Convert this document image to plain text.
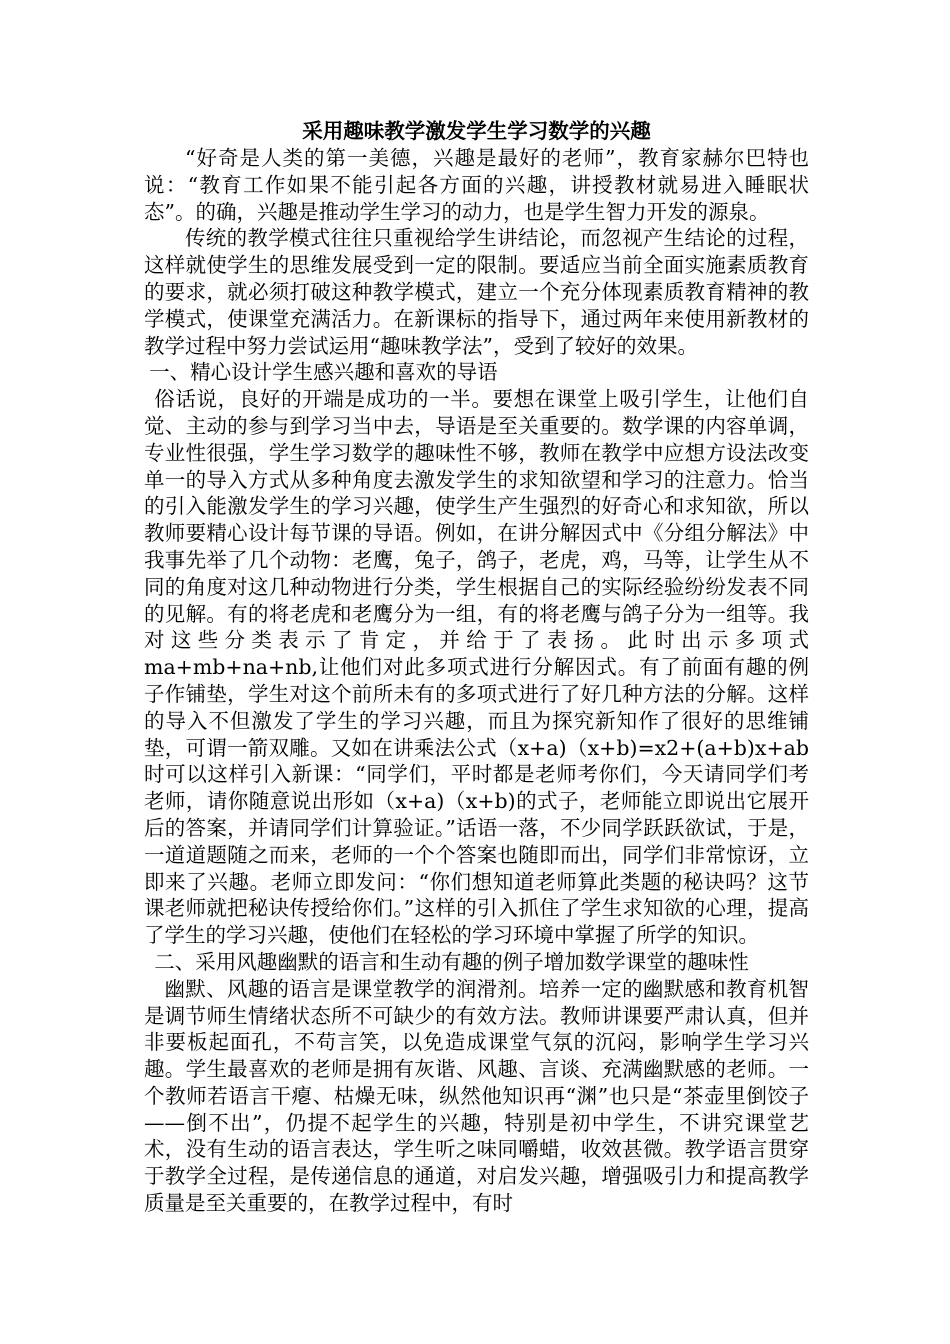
采用趣味教学激发学生学习数学的兴趣

“好奇是人类的第一美德，兴趣是最好的老师”，教育家赫尔巴特也说：“教育工作如果不能引起各方面的兴趣，讲授教材就易进入睡眠状态”。的确，兴趣是推动学生学习的动力，也是学生智力开发的源泉。

传统的教学模式往往只重视给学生讲结论，而忽视产生结论的过程，这样就使学生的思维发展受到一定的限制。要适应当前全面实施素质教育的要求，就必须打破这种教学模式，建立一个充分体现素质教育精神的教学模式，使课堂充满活力。在新课标的指导下，通过两年来使用新教材的教学过程中努力尝试运用“趣味教学法”，受到了较好的效果。

一、精心设计学生感兴趣和喜欢的导语

俗话说，良好的开端是成功的一半。要想在课堂上吸引学生，让他们自觉、主动的参与到学习当中去，导语是至关重要的。数学课的内容单调，专业性很强，学生学习数学的趣味性不够，教师在教学中应想方设法改变单一的导入方式从多种角度去激发学生的求知欲望和学习的注意力。恰当的引入能激发学生的学习兴趣，使学生产生强烈的好奇心和求知欲，所以教师要精心设计每节课的导语。例如，在讲分解因式中《分组分解法》中我事先举了几个动物：老鹰，兔子，鸽子，老虎，鸡，马等，让学生从不同的角度对这几种动物进行分类，学生根据自己的实际经验纷纷发表不同的见解。有的将老虎和老鹰分为一组，有的将老鹰与鸽子分为一组等。我对这些分类表示了肯定，并给于了表扬。此时出示多项式 ma+mb+na+nb,让他们对此多项式进行分解因式。有了前面有趣的例子作铺垫，学生对这个前所未有的多项式进行了好几种方法的分解。这样的导入不但激发了学生的学习兴趣，而且为探究新知作了很好的思维铺垫，可谓一箭双雕。又如在讲乘法公式（x+a)（x+b)=x2+(a+b)x+ab 时可以这样引入新课：“同学们，平时都是老师考你们，今天请同学们考老师，请你随意说出形如（x+a)（x+b)的式子，老师能立即说出它展开后的答案，并请同学们计算验证。”话语一落，不少同学跃跃欲试，于是，一道道题随之而来，老师的一个个答案也随即而出，同学们非常惊讶，立即来了兴趣。老师立即发问：“你们想知道老师算此类题的秘诀吗？这节课老师就把秘诀传授给你们。”这样的引入抓住了学生求知欲的心理，提高了学生的学习兴趣，使他们在轻松的学习环境中掌握了所学的知识。

二、采用风趣幽默的语言和生动有趣的例子增加数学课堂的趣味性

幽默、风趣的语言是课堂教学的润滑剂。培养一定的幽默感和教育机智是调节师生情绪状态所不可缺少的有效方法。教师讲课要严肃认真，但并非要板起面孔，不苟言笑，以免造成课堂气氛的沉闷，影响学生学习兴趣。学生最喜欢的老师是拥有灰谐、风趣、言谈、充满幽默感的老师。一个教师若语言干瘪、枯燥无味，纵然他知识再“渊”也只是“茶壶里倒饺子——倒不出”，仍提不起学生的兴趣，特别是初中学生，不讲究课堂艺术，没有生动的语言表达，学生听之味同嚼蜡，收效甚微。教学语言贯穿于教学全过程，是传递信息的通道，对启发兴趣，增强吸引力和提高教学质量是至关重要的，在教学过程中，有时
